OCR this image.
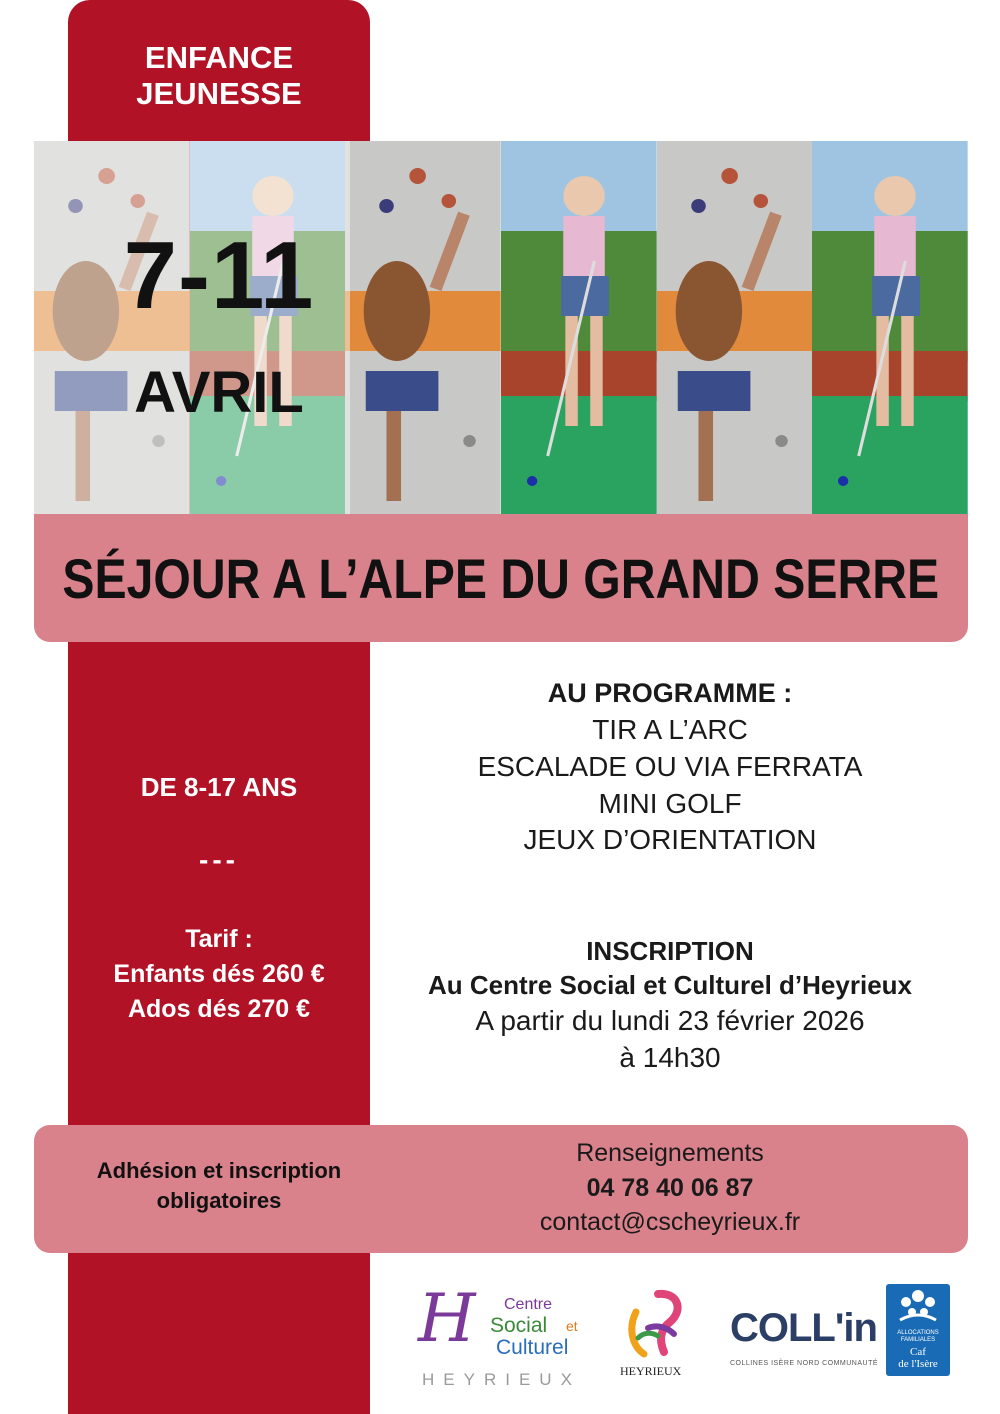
ENFANCE
JEUNESSE
7-11
AVRIL
SÉJOUR A L’ALPE DU GRAND SERRE
DE 8-17 ANS
---
Tarif :
Enfants dés 260 €
Ados dés 270 €
AU PROGRAMME :
TIR A L’ARC
ESCALADE OU VIA FERRATA
MINI GOLF
JEUX D’ORIENTATION
INSCRIPTION
Au Centre Social et Culturel d’Heyrieux
A partir du lundi 23 février 2026
à 14h30
Adhésion et inscription
obligatoires
Renseignements
04 78 40 06 87
contact@cscheyrieux.fr
H Centre
Social et
Culturel
HEYRIEUX	HEYRIEUX
COLL'in
COLLINES ISÈRE NORD COMMUNAUTÉ
ALLOCATIONS FAMILIALES
Caf
de l'Isère
